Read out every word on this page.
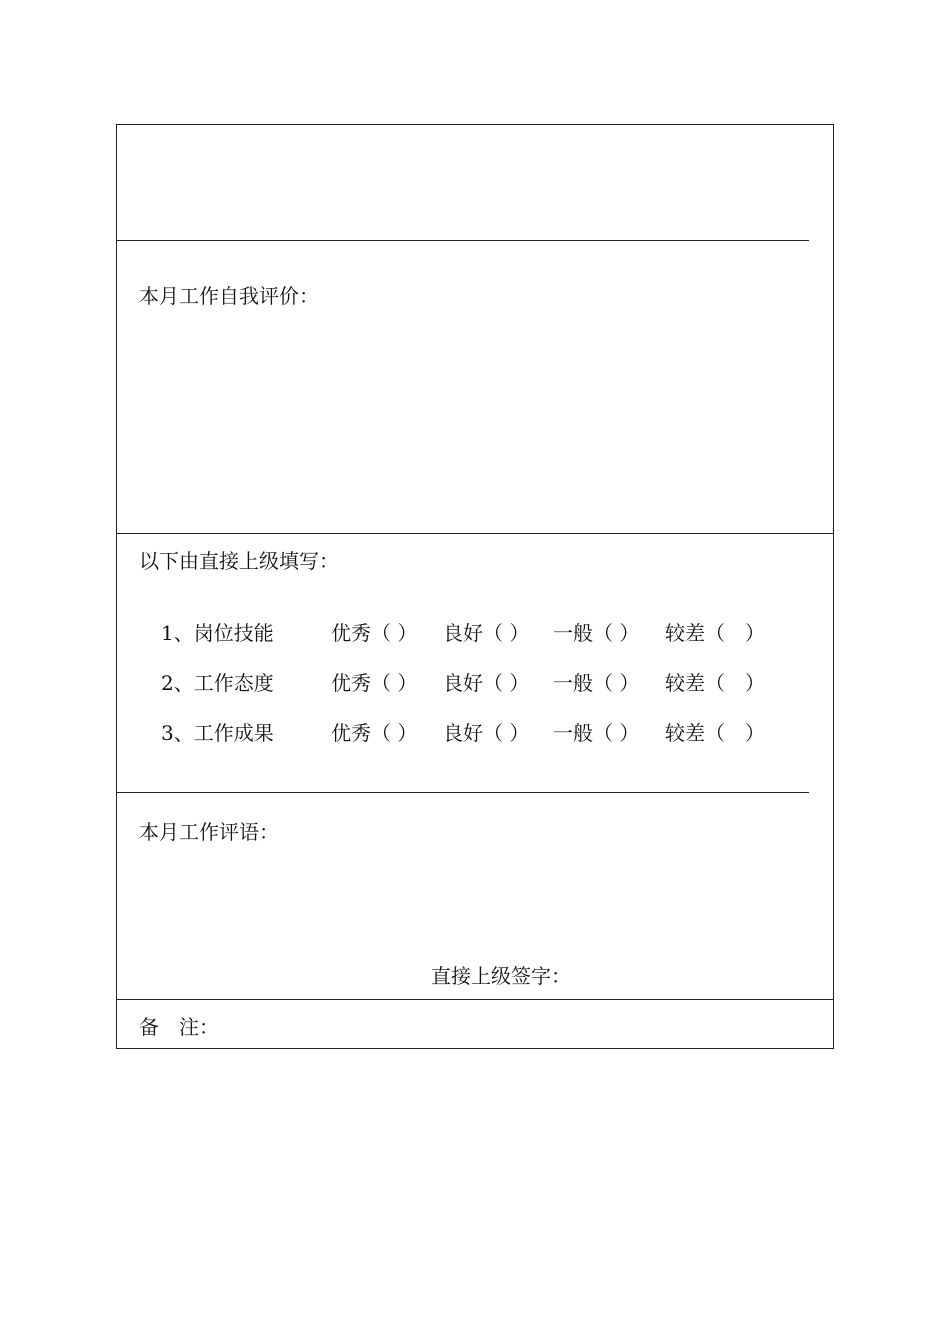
本月工作自我评价：
以下由直接上级填写：
1、岗位技能	优秀（ ） 良好（ ） 一般（ ） 较差（　）
2、工作态度	优秀（ ） 良好（ ） 一般（ ） 较差（　）
3、工作成果	优秀（ ） 良好（ ） 一般（ ） 较差（　）
本月工作评语：
直接上级签字：
备　注：
